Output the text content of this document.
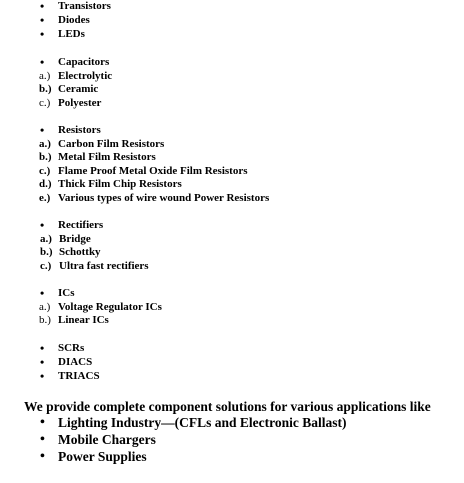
• Transistors
• Diodes
• LEDs
• Capacitors
a.) Electrolytic
b.) Ceramic
c.) Polyester
• Resistors
a.) Carbon Film Resistors
b.) Metal Film Resistors
c.) Flame Proof Metal Oxide Film Resistors
d.) Thick Film Chip Resistors
e.) Various types of wire wound Power Resistors
• Rectifiers
a.) Bridge
b.) Schottky
c.) Ultra fast rectifiers
• ICs
a.) Voltage Regulator ICs
b.) Linear ICs
• SCRs
• DIACS
• TRIACS
We provide complete component solutions for various applications like
• Lighting Industry—(CFLs and Electronic Ballast)
• Mobile Chargers
• Power Supplies
